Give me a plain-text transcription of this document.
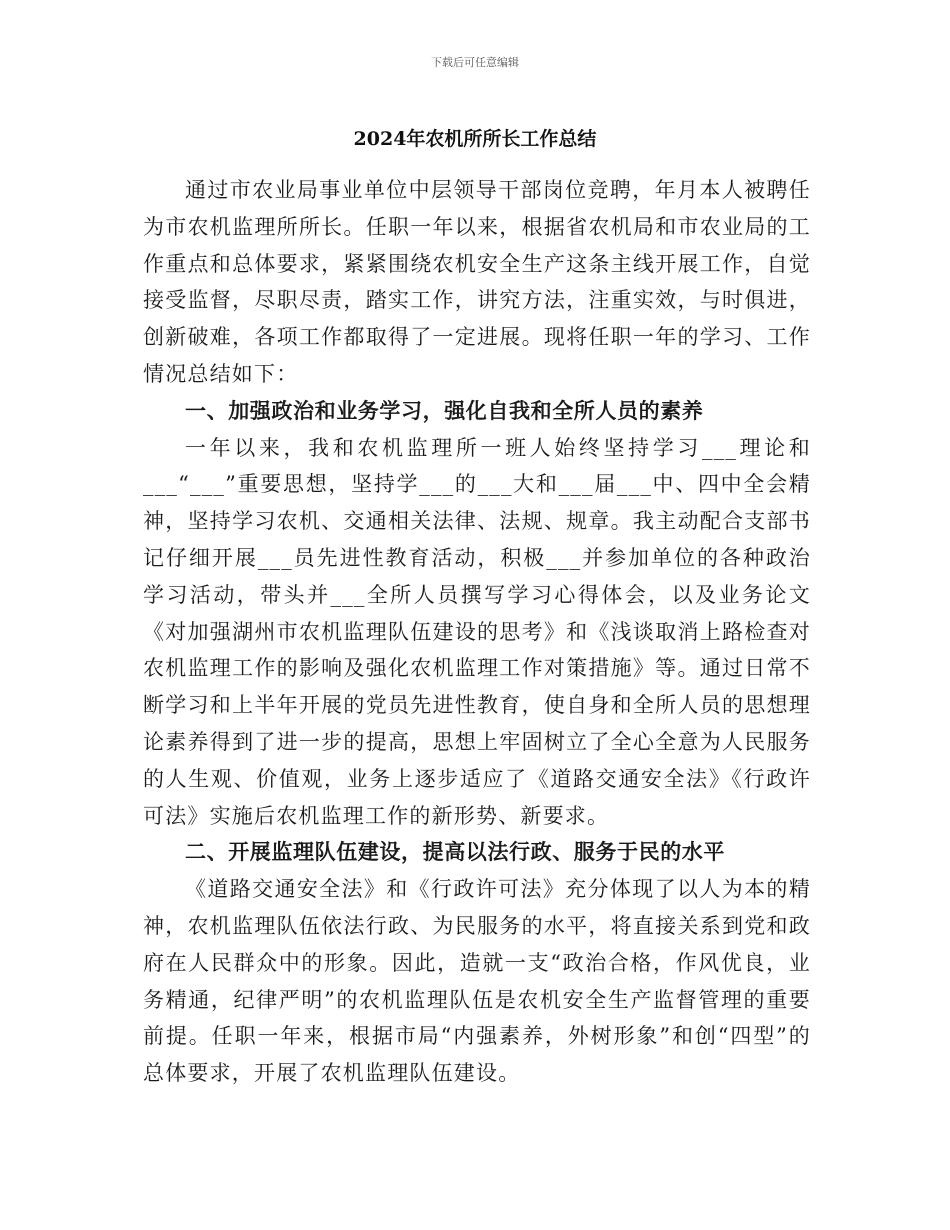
下载后可任意编辑
2024年农机所所长工作总结

通过市农业局事业单位中层领导干部岗位竞聘，年月本人被聘任为市农机监理所所长。任职一年以来，根据省农机局和市农业局的工作重点和总体要求，紧紧围绕农机安全生产这条主线开展工作，自觉接受监督，尽职尽责，踏实工作，讲究方法，注重实效，与时俱进，创新破难，各项工作都取得了一定进展。现将任职一年的学习、工作情况总结如下：

一、加强政治和业务学习，强化自我和全所人员的素养

一年以来，我和农机监理所一班人始终坚持学习___理论和___“___”重要思想，坚持学___的___大和___届___中、四中全会精神，坚持学习农机、交通相关法律、法规、规章。我主动配合支部书记仔细开展___员先进性教育活动，积极___并参加单位的各种政治学习活动，带头并___全所人员撰写学习心得体会，以及业务论文《对加强湖州市农机监理队伍建设的思考》和《浅谈取消上路检查对农机监理工作的影响及强化农机监理工作对策措施》等。通过日常不断学习和上半年开展的党员先进性教育，使自身和全所人员的思想理论素养得到了进一步的提高，思想上牢固树立了全心全意为人民服务的人生观、价值观，业务上逐步适应了《道路交通安全法》《行政许可法》实施后农机监理工作的新形势、新要求。

二、开展监理队伍建设，提高以法行政、服务于民的水平

《道路交通安全法》和《行政许可法》充分体现了以人为本的精神，农机监理队伍依法行政、为民服务的水平，将直接关系到党和政府在人民群众中的形象。因此，造就一支“政治合格，作风优良，业务精通，纪律严明”的农机监理队伍是农机安全生产监督管理的重要前提。任职一年来，根据市局“内强素养，外树形象”和创“四型”的总体要求，开展了农机监理队伍建设。
